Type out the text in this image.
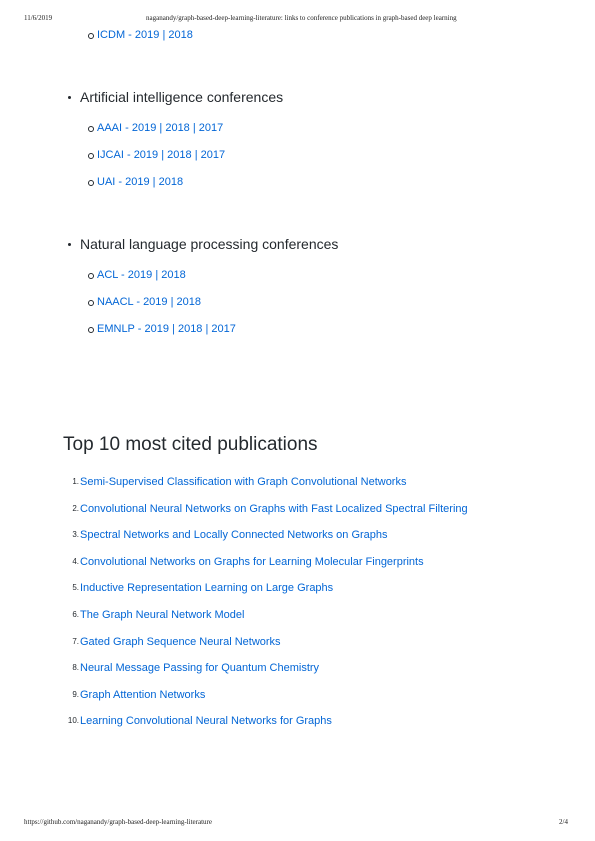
11/6/2019	naganandy/graph-based-deep-learning-literature: links to conference publications in graph-based deep learning
ICDM - 2019 | 2018
Artificial intelligence conferences
AAAI - 2019 | 2018 | 2017
IJCAI - 2019 | 2018 | 2017
UAI - 2019 | 2018
Natural language processing conferences
ACL - 2019 | 2018
NAACL - 2019 | 2018
EMNLP - 2019 | 2018 | 2017
Top 10 most cited publications
1. Semi-Supervised Classification with Graph Convolutional Networks
2. Convolutional Neural Networks on Graphs with Fast Localized Spectral Filtering
3. Spectral Networks and Locally Connected Networks on Graphs
4. Convolutional Networks on Graphs for Learning Molecular Fingerprints
5. Inductive Representation Learning on Large Graphs
6. The Graph Neural Network Model
7. Gated Graph Sequence Neural Networks
8. Neural Message Passing for Quantum Chemistry
9. Graph Attention Networks
10. Learning Convolutional Neural Networks for Graphs
https://github.com/naganandy/graph-based-deep-learning-literature	2/4
